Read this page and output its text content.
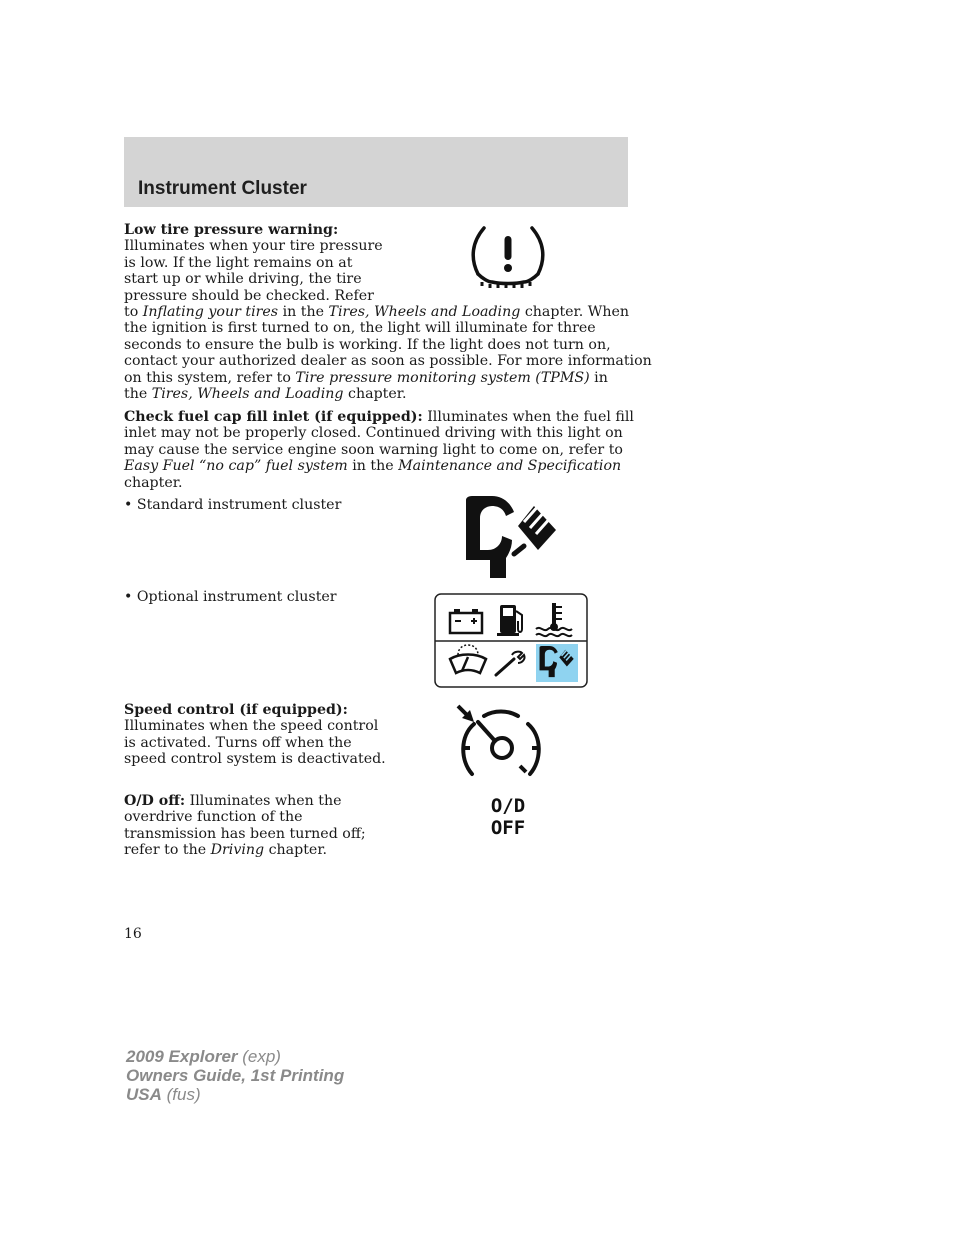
Instrument Cluster
Low tire pressure warning:
Illuminates when your tire pressure
is low. If the light remains on at
start up or while driving, the tire
pressure should be checked. Refer
to Inflating your tires in the Tires, Wheels and Loading chapter. When
the ignition is first turned to on, the light will illuminate for three
seconds to ensure the bulb is working. If the light does not turn on,
contact your authorized dealer as soon as possible. For more information
on this system, refer to Tire pressure monitoring system (TPMS) in
the Tires, Wheels and Loading chapter.
Check fuel cap fill inlet (if equipped): Illuminates when the fuel fill
inlet may not be properly closed. Continued driving with this light on
may cause the service engine soon warning light to come on, refer to
Easy Fuel “no cap” fuel system in the Maintenance and Specification
chapter.
• Standard instrument cluster
• Optional instrument cluster
Speed control (if equipped):
Illuminates when the speed control
is activated. Turns off when the
speed control system is deactivated.
O/D off: Illuminates when the
overdrive function of the
transmission has been turned off;
refer to the Driving chapter.
O/D
OFF
16
2009 Explorer (exp)
Owners Guide, 1st Printing
USA (fus)
